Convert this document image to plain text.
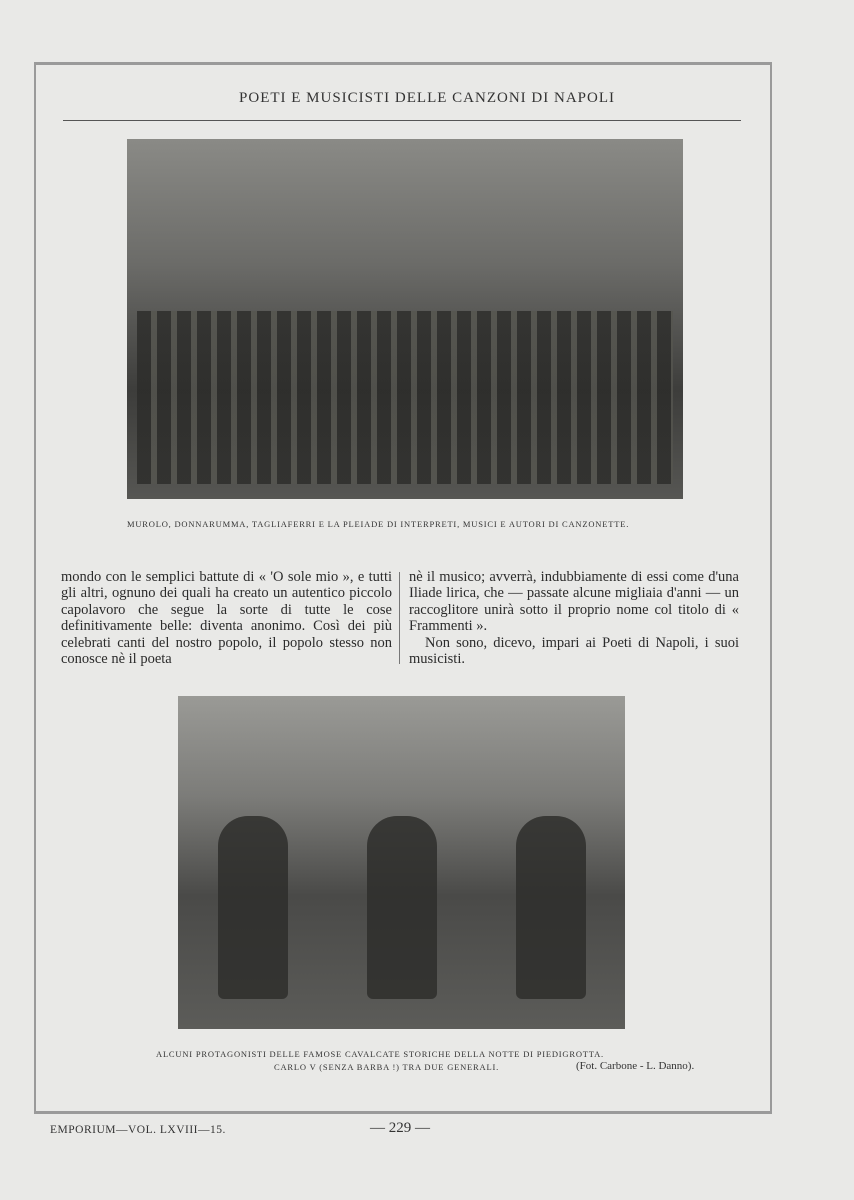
POETI E MUSICISTI DELLE CANZONI DI NAPOLI
MUROLO, DONNARUMMA, TAGLIAFERRI E LA PLEIADE DI INTERPRETI, MUSICI E AUTORI DI CANZONETTE.

mondo con le semplici battute di « 'O sole mio », e tutti gli altri, ognuno dei quali ha creato un autentico piccolo capolavoro che segue la sorte di tutte le cose definitivamente belle: diventa anonimo. Così dei più celebrati canti del nostro popolo, il popolo stesso non conosce nè il poeta

nè il musico; avverrà, indubbiamente di essi come d'una Iliade lirica, che — passate alcune migliaia d'anni — un raccoglitore unirà sotto il proprio nome col titolo di « Frammenti ».

Non sono, dicevo, impari ai Poeti di Napoli, i suoi musicisti.

ALCUNI PROTAGONISTI DELLE FAMOSE CAVALCATE STORICHE DELLA NOTTE DI PIEDIGROTTA.
CARLO V (SENZA BARBA !) TRA DUE GENERALI.	(Fot. Carbone - L. Danno).
EMPORIUM—VOL. LXVIII—15.	— 229 —
